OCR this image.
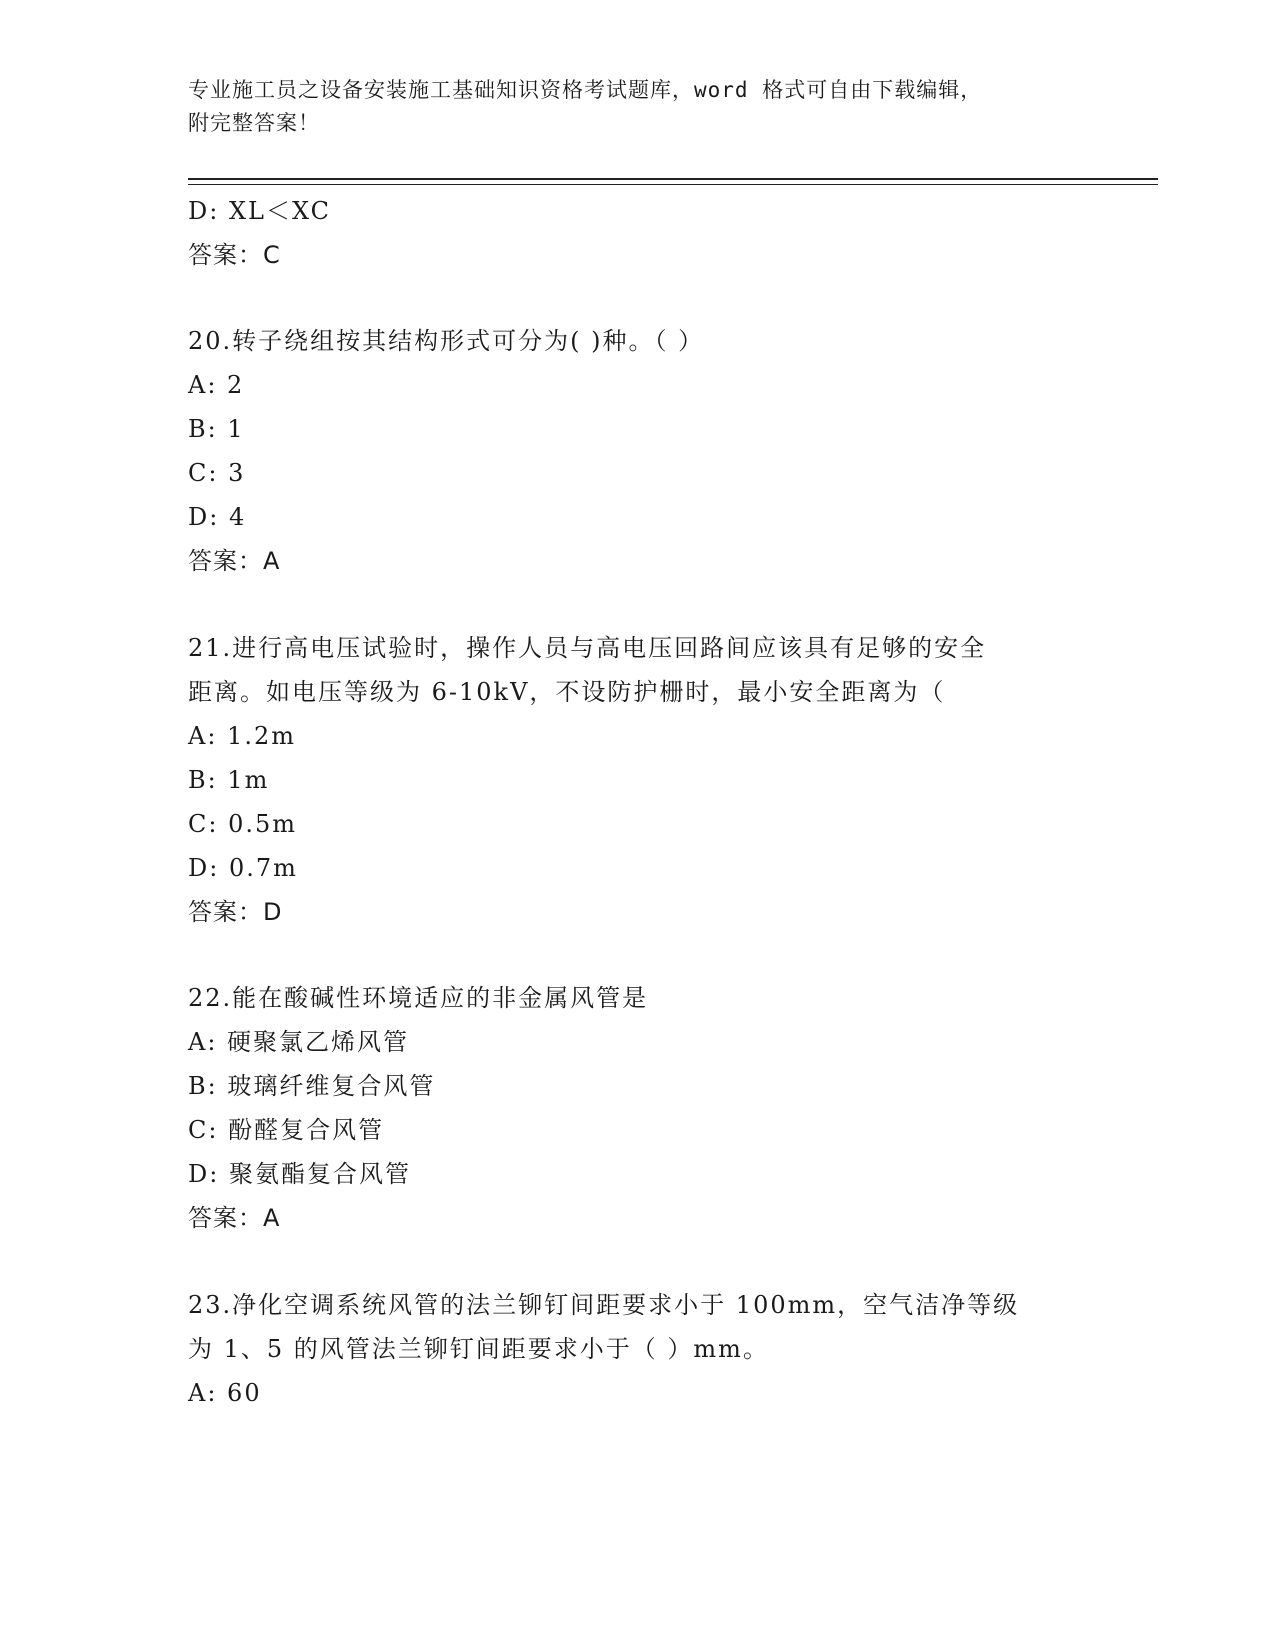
专业施工员之设备安装施工基础知识资格考试题库，word 格式可自由下载编辑，
附完整答案！
D: XL＜XC
答案：C
20.转子绕组按其结构形式可分为( )种。（ ）
A: 2
B: 1
C: 3
D: 4
答案：A
21.进行高电压试验时，操作人员与高电压回路间应该具有足够的安全
距离。如电压等级为 6-10kV，不设防护栅时，最小安全距离为（
A: 1.2m
B: 1m
C: 0.5m
D: 0.7m
答案：D
22.能在酸碱性环境适应的非金属风管是
A: 硬聚氯乙烯风管
B: 玻璃纤维复合风管
C: 酚醛复合风管
D: 聚氨酯复合风管
答案：A
23.净化空调系统风管的法兰铆钉间距要求小于 100mm，空气洁净等级
为 1、5 的风管法兰铆钉间距要求小于（ ）mm。
A: 60
